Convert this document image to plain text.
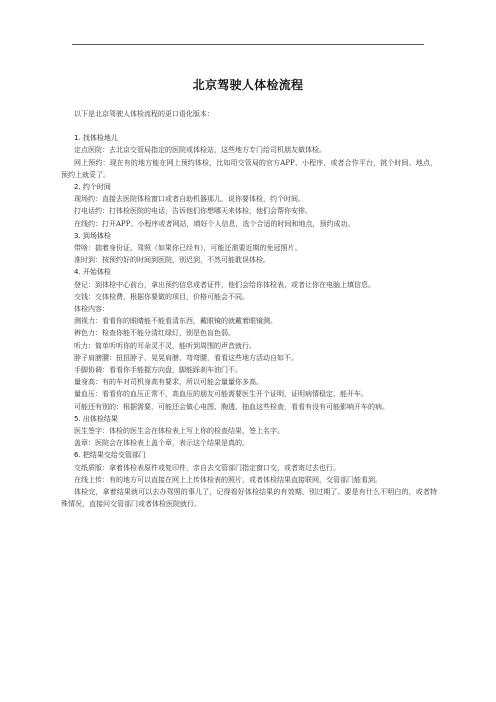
北京驾驶人体检流程

以下是北京驾驶人体检流程的更口语化版本：

1. 找体检地儿

定点医院：去北京交管局指定的医院或体检站，这些地方专门给司机朋友做体检。

网上预约：现在有的地方能在网上预约体检，比如用交管局的官方APP、小程序，或者合作平台，挑个时间、地点，预约上就妥了。

2. 约个时间

现场约：直接去医院体检窗口或者自助机器那儿，说你要体检，约个时间。

打电话约：打体检医院的电话，告诉他们你想哪天来体检，他们会帮你安排。

在线约：打开APP、小程序或者网站，填好个人信息，选个合适的时间和地点，预约成功。

3. 到场体检

带啥：揣着身份证、驾照（如果你已经有），可能还需要近期的免冠照片。

准时到：按预约好的时间到医院，别迟到，不然可能耽误体检。

4. 开始体检

登记：到体检中心前台，拿出预约信息或者证件，他们会给你体检表，或者让你在电脑上填信息。

交钱：交体检费，根据你要做的项目，价格可能会不同。

体检内容：

测视力：看看你的眼睛能不能看清东西，戴眼镜的就戴着眼镜测。

辨色力：检查你能不能分清红绿灯，别是色盲色弱。

听力：简单听听你的耳朵灵不灵，能听到周围的声音就行。

脖子肩膀腰：扭扭脖子、晃晃肩膀、弯弯腰，看看这些地方活动自如不。

手脚协调：看看你手能握方向盘，脚能踩刹车油门不。

量身高：有的车对司机身高有要求，所以可能会量量你多高。

量血压：看看你的血压正常不，高血压的朋友可能需要医生开个证明，证明病情稳定、能开车。

可能还有别的：根据需要，可能还会做心电图、胸透、抽血这些检查，看看有没有可能影响开车的病。

5. 出体检结果

医生签字：体检的医生会在体检表上写上你的检查结果，签上名字。

盖章：医院会在体检表上盖个章，表示这个结果是真的。

6. 把结果交给交管部门

交纸质版：拿着体检表原件或复印件，亲自去交管部门指定窗口交，或者寄过去也行。

在线上传：有的地方可以直接在网上上传体检表的照片，或者体检结果直接联网，交管部门能看到。

体检完，拿着结果就可以去办驾照的事儿了，记得看好体检结果的有效期，别过期了。要是有什么不明白的，或者特殊情况，直接问交管部门或者体检医院就行。
